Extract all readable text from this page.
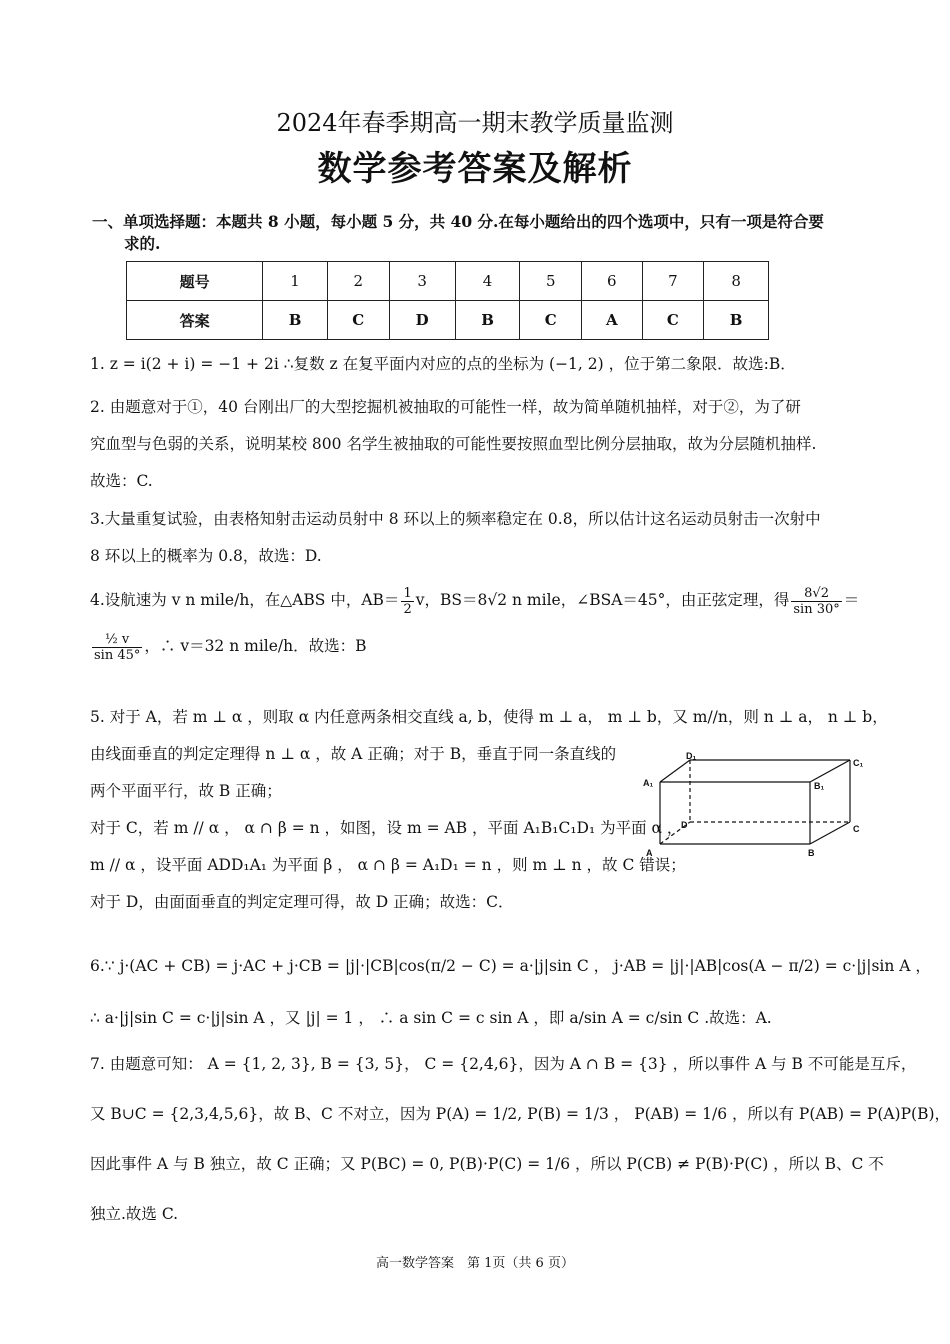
2024年春季期高一期末教学质量监测
数学参考答案及解析
一、单项选择题：本题共 8 小题，每小题 5 分，共 40 分.在每小题给出的四个选项中，只有一项是符合要
求的.
题号	1	2	3	4	5	6	7	8
答案	B	C	D	B	C	A	C	B
1. z = i(2 + i) = −1 + 2i ∴复数 z 在复平面内对应的点的坐标为 (−1, 2) ，位于第二象限．故选:B．
2. 由题意对于①，40 台刚出厂的大型挖掘机被抽取的可能性一样，故为简单随机抽样，对于②，为了研
究血型与色弱的关系，说明某校 800 名学生被抽取的可能性要按照血型比例分层抽取，故为分层随机抽样.
故选：C.
3.大量重复试验，由表格知射击运动员射中 8 环以上的频率稳定在 0.8，所以估计这名运动员射击一次射中
8 环以上的概率为 0.8，故选：D.
4.设航速为 v n mile/h，在△ABS 中，$AB= \frac{1}{2}$ v，BS＝8√2 n mile，∠BSA＝45°，由正弦定理，得 $\frac{8√2}{\sin 30^\circ}$ ＝
$\frac{\text{½ v}}{\sin 45^\circ}$ ，∴ v＝32 n mile/h．故选：B
5. 对于 A，若 m ⊥ α ，则取 α 内任意两条相交直线 a, b，使得 m ⊥ a， m ⊥ b，又 m//n，则 n ⊥ a， n ⊥ b，
由线面垂直的判定定理得 n ⊥ α ，故 A 正确；对于 B，垂直于同一条直线的
两个平面平行，故 B 正确；
对于 C，若 m // α ， α ∩ β = n ，如图，设 m = AB ，平面 A₁B₁C₁D₁ 为平面 α ，
m // α ，设平面 ADD₁A₁ 为平面 β ， α ∩ β = A₁D₁ = n ，则 m ⊥ n ，故 C 错误；
对于 D，由面面垂直的判定定理可得，故 D 正确；故选：C．
D₁
C₁
A₁	B₁
D	C
A	B
6.∵ j·(AC + CB) = j·AC + j·CB = |j|·|CB|cos(π/2 − C) = a·|j|sin C ， j·AB = |j|·|AB|cos(A − π/2) = c·|j|sin A ，
∴ a·|j|sin C = c·|j|sin A ，又 |j| = 1 ， ∴ a sin C = c sin A ，即 a/sin A = c/sin C .故选：A.
7. 由题意可知： A = {1, 2, 3}, B = {3, 5}， C = {2,4,6}，因为 A ∩ B = {3} ，所以事件 A 与 B 不可能是互斥，
又 B∪C = {2,3,4,5,6}，故 B、C 不对立，因为 P(A) = 1/2, P(B) = 1/3 ， P(AB) = 1/6 ，所以有 P(AB) = P(A)P(B)，
因此事件 A 与 B 独立，故 C 正确；又 P(BC) = 0, P(B)·P(C) = 1/6 ，所以 P(CB) ≠ P(B)·P(C) ，所以 B、C 不
独立.故选 C.
高一数学答案　第 1页（共 6 页）
